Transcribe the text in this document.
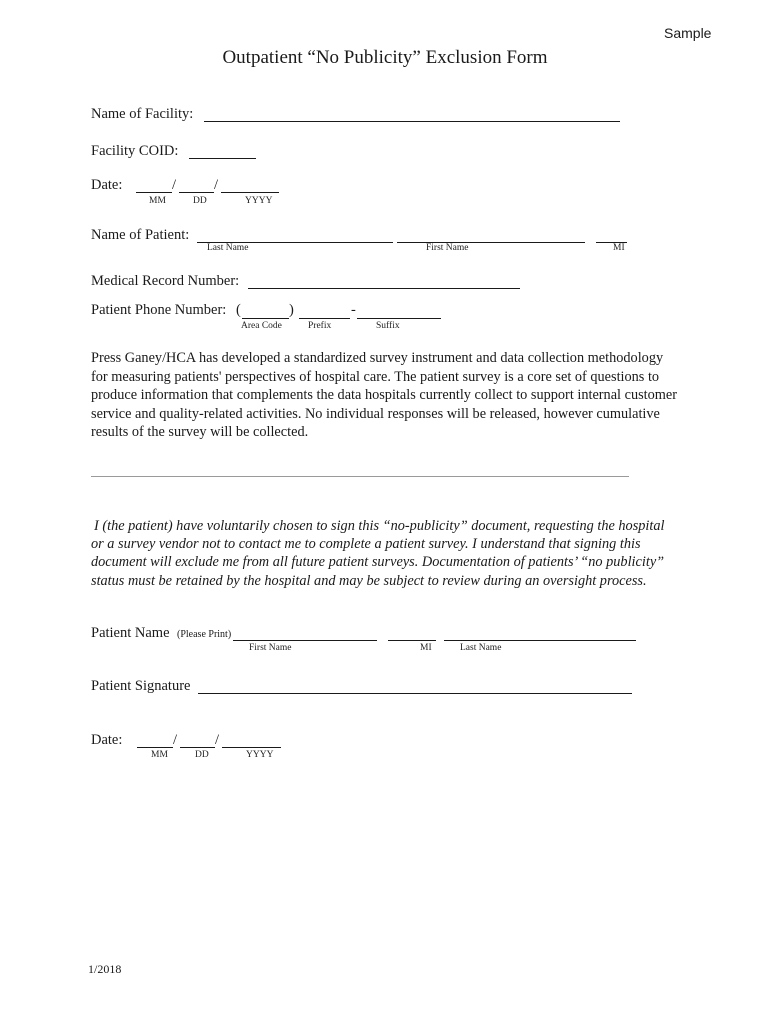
Sample
Outpatient “No Publicity” Exclusion Form
Name of Facility:
Facility COID:
Date:	/	/
MM	DD	YYYY
Name of Patient:
Last Name	First Name	MI
Medical Record Number:
Patient Phone Number: (	)	-
Area Code	Prefix	Suffix
Press Ganey/HCA has developed a standardized survey instrument and data collection methodology for measuring patients' perspectives of hospital care. The patient survey is a core set of questions to produce information that complements the data hospitals currently collect to support internal customer service and quality-related activities. No individual responses will be released, however cumulative results of the survey will be collected.
I (the patient) have voluntarily chosen to sign this “no-publicity” document, requesting the hospital or a survey vendor not to contact me to complete a patient survey. I understand that signing this document will exclude me from all future patient surveys. Documentation of patients’ “no publicity” status must be retained by the hospital and may be subject to review during an oversight process.
Patient Name (Please Print)
First Name	MI	Last Name
Patient Signature
Date:	/	/
MM	DD	YYYY
1/2018
